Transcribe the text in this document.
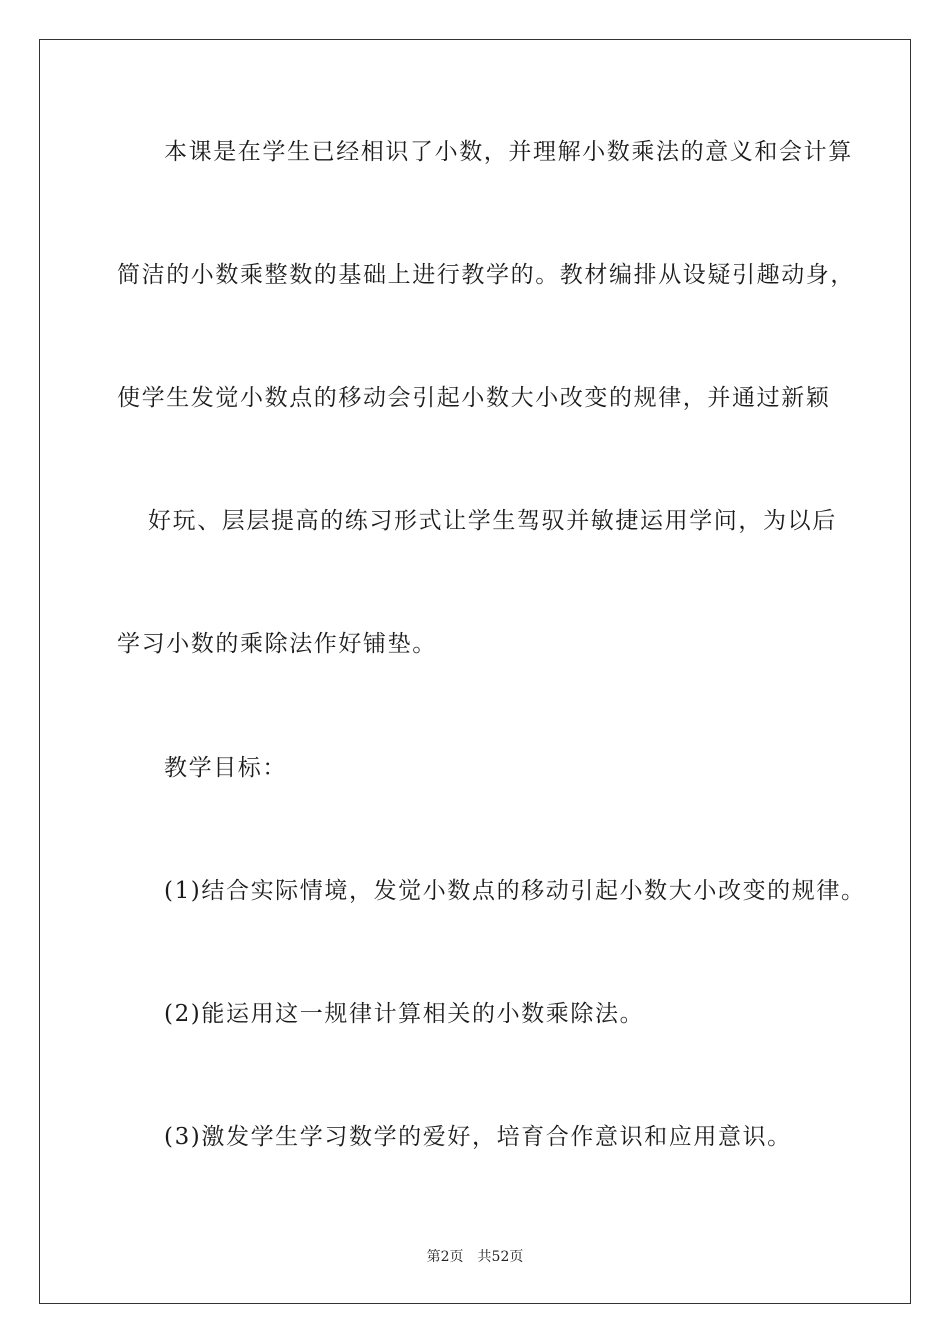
本课是在学生已经相识了小数，并理解小数乘法的意义和会计算
简洁的小数乘整数的基础上进行教学的。教材编排从设疑引趣动身，
使学生发觉小数点的移动会引起小数大小改变的规律，并通过新颖
好玩、层层提高的练习形式让学生驾驭并敏捷运用学问，为以后
学习小数的乘除法作好铺垫。
教学目标：
(1)结合实际情境，发觉小数点的移动引起小数大小改变的规律。
(2)能运用这一规律计算相关的小数乘除法。
(3)激发学生学习数学的爱好，培育合作意识和应用意识。
第2页 共52页
